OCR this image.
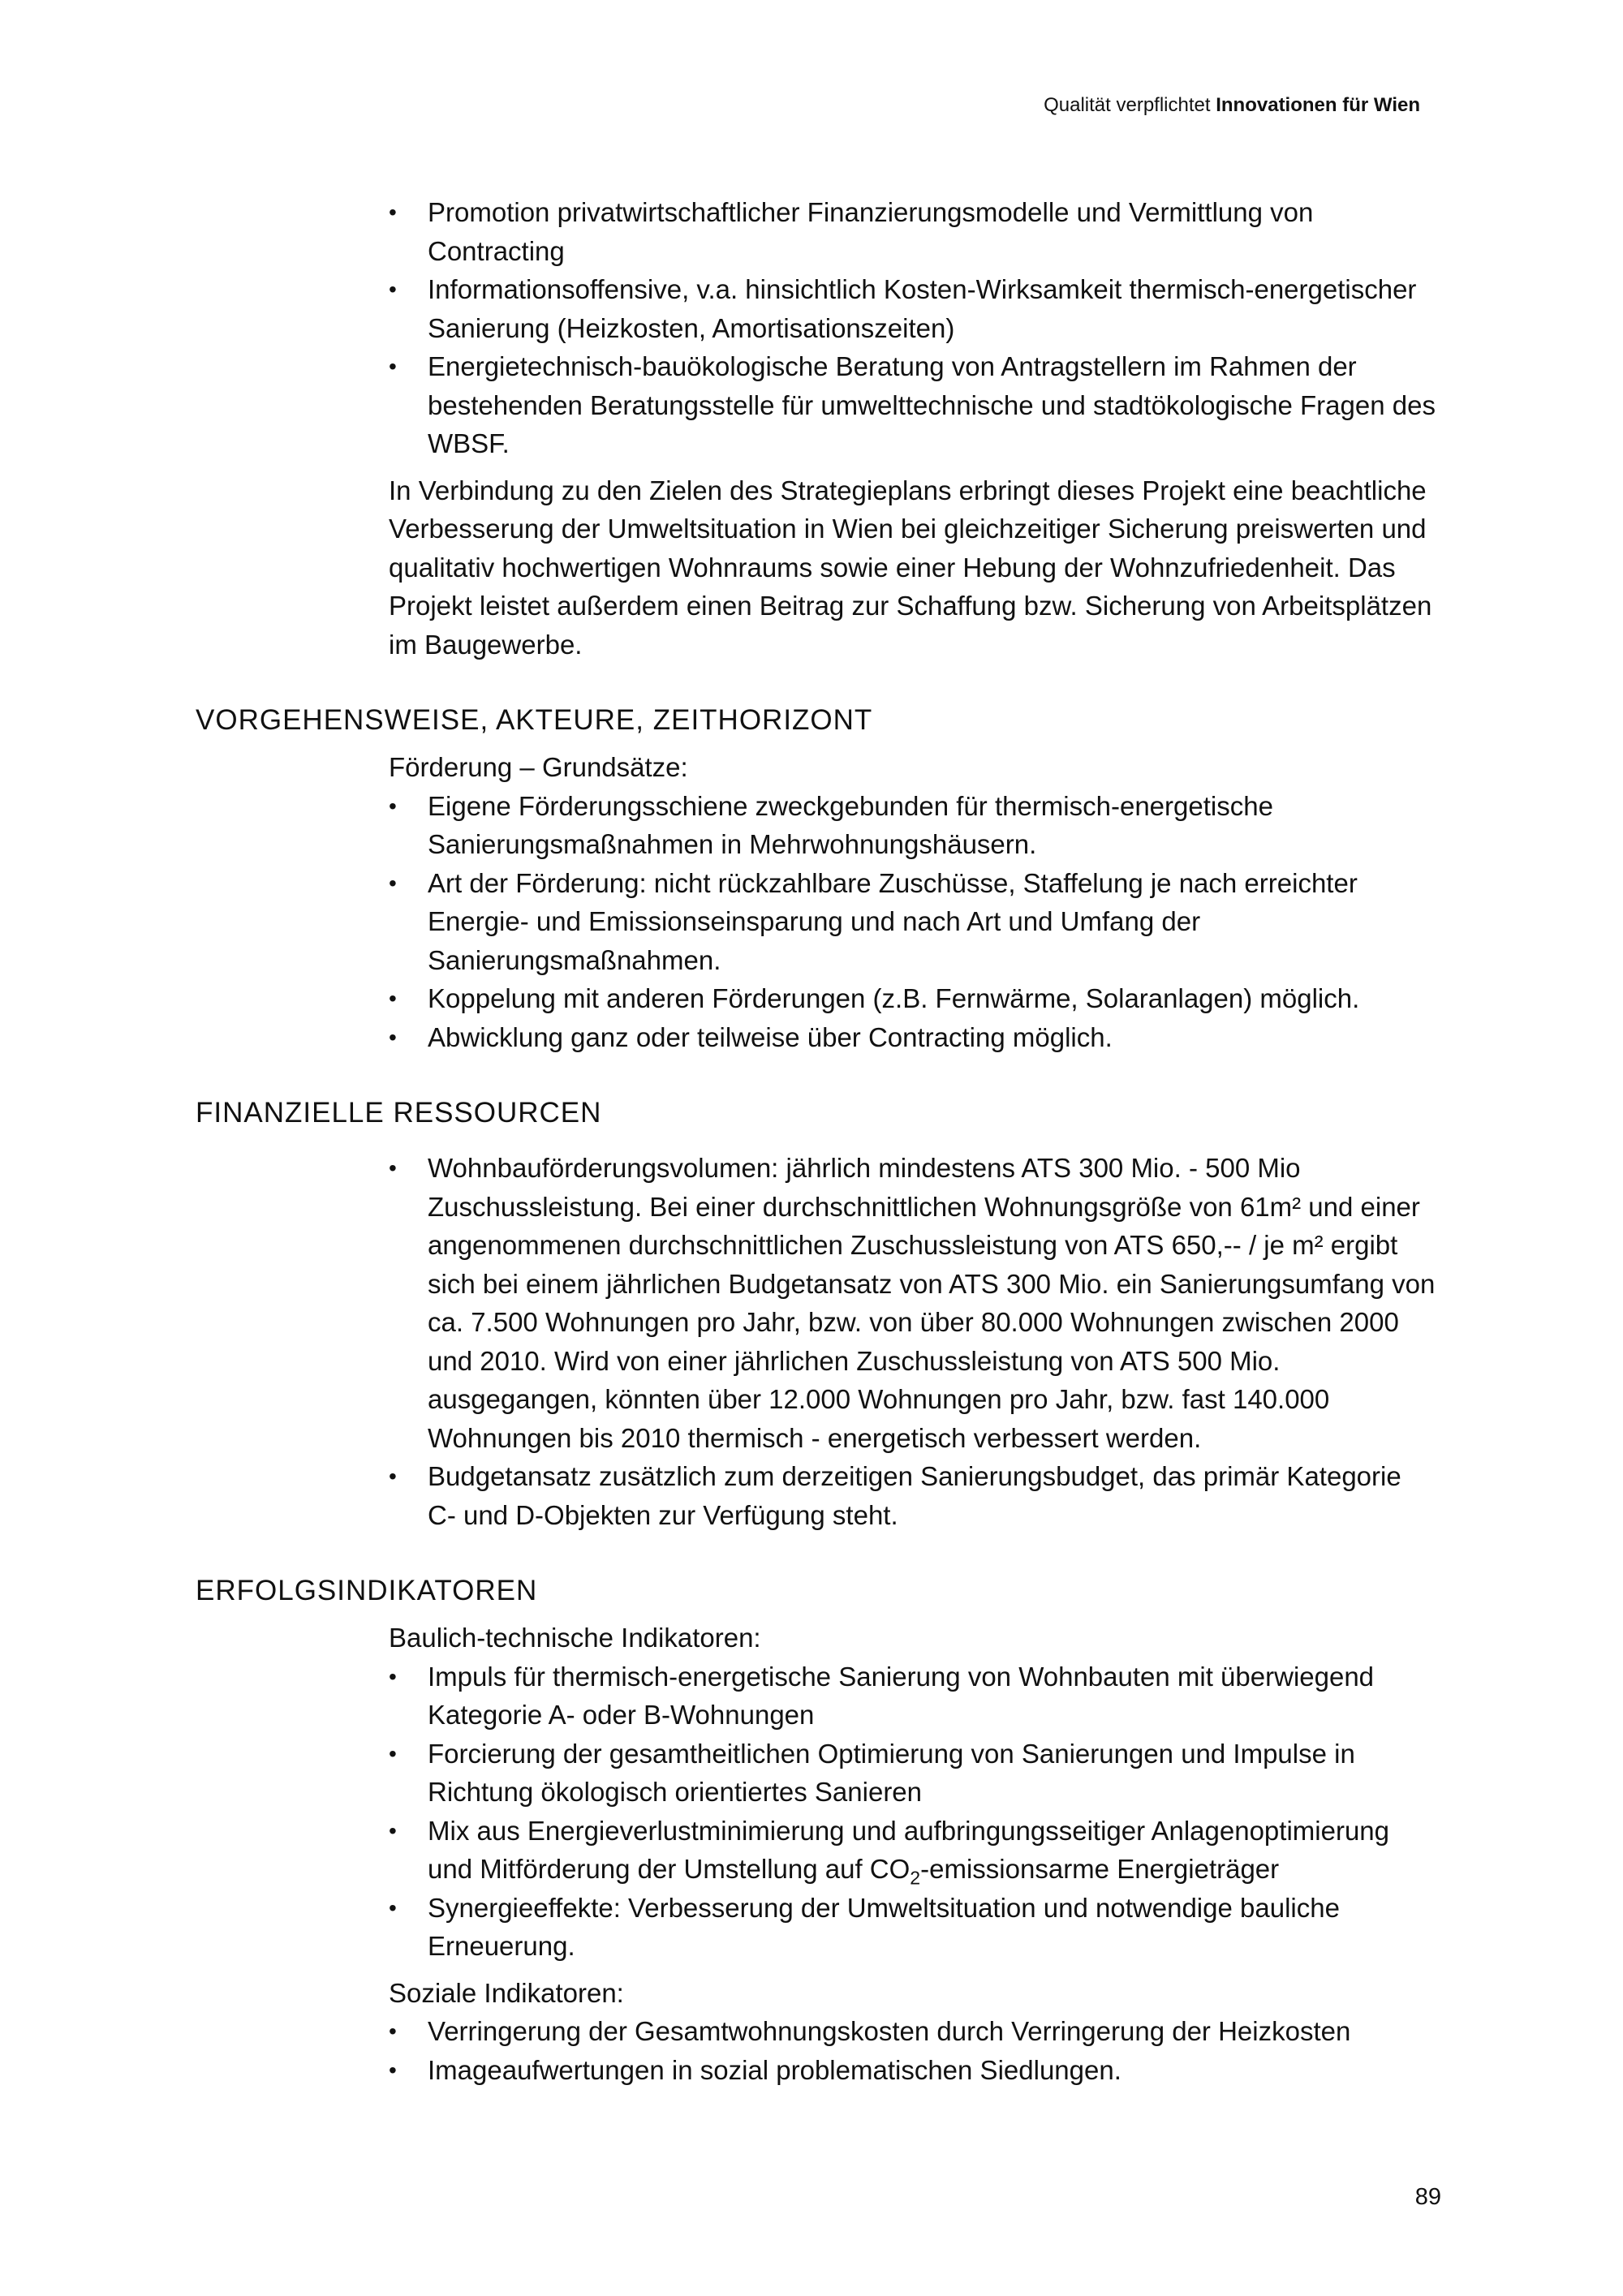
Qualität verpflichtet Innovationen für Wien
• Promotion privatwirtschaftlicher Finanzierungsmodelle und Vermittlung von Contracting
• Informationsoffensive, v.a. hinsichtlich Kosten-Wirksamkeit thermisch-energetischer Sanierung (Heizkosten, Amortisationszeiten)
• Energietechnisch-bauökologische Beratung von Antragstellern im Rahmen der bestehenden Beratungsstelle für umwelttechnische und stadtökologische Fragen des WBSF.

In Verbindung zu den Zielen des Strategieplans erbringt dieses Projekt eine beachtliche Verbesserung der Umweltsituation in Wien bei gleichzeitiger Sicherung preiswerten und qualitativ hochwertigen Wohnraums sowie einer Hebung der Wohnzufriedenheit. Das Projekt leistet außerdem einen Beitrag zur Schaffung bzw. Sicherung von Arbeitsplätzen im Baugewerbe.

VORGEHENSWEISE, AKTEURE, ZEITHORIZONT
Förderung – Grundsätze:
• Eigene Förderungsschiene zweckgebunden für thermisch-energetische Sanierungsmaßnahmen in Mehrwohnungshäusern.
• Art der Förderung: nicht rückzahlbare Zuschüsse, Staffelung je nach erreichter Energie- und Emissionseinsparung und nach Art und Umfang der Sanierungsmaßnahmen.
• Koppelung mit anderen Förderungen (z.B. Fernwärme, Solaranlagen) möglich.
• Abwicklung ganz oder teilweise über Contracting möglich.
FINANZIELLE RESSOURCEN
• Wohnbauförderungsvolumen: jährlich mindestens ATS 300 Mio. - 500 Mio Zuschussleistung. Bei einer durchschnittlichen Wohnungsgröße von 61m² und einer angenommenen durchschnittlichen Zuschussleistung von ATS 650,-- / je m² ergibt sich bei einem jährlichen Budgetansatz von ATS 300 Mio. ein Sanierungsumfang von ca. 7.500 Wohnungen pro Jahr, bzw. von über 80.000 Wohnungen zwischen 2000 und 2010. Wird von einer jährlichen Zuschussleistung von ATS 500 Mio. ausgegangen, könnten über 12.000 Wohnungen pro Jahr, bzw. fast 140.000 Wohnungen bis 2010 thermisch - energetisch verbessert werden.
• Budgetansatz zusätzlich zum derzeitigen Sanierungsbudget, das primär Kategorie C- und D-Objekten zur Verfügung steht.
ERFOLGSINDIKATOREN
Baulich-technische Indikatoren:
• Impuls für thermisch-energetische Sanierung von Wohnbauten mit überwiegend Kategorie A- oder B-Wohnungen
• Forcierung der gesamtheitlichen Optimierung von Sanierungen und Impulse in Richtung ökologisch orientiertes Sanieren
• Mix aus Energieverlustminimierung und aufbringungsseitiger Anlagenoptimierung und Mitförderung der Umstellung auf $CO_2$-emissionsarme Energieträger
• Synergieeffekte: Verbesserung der Umweltsituation und notwendige bauliche Erneuerung.
Soziale Indikatoren:
• Verringerung der Gesamtwohnungskosten durch Verringerung der Heizkosten
• Imageaufwertungen in sozial problematischen Siedlungen.
89
